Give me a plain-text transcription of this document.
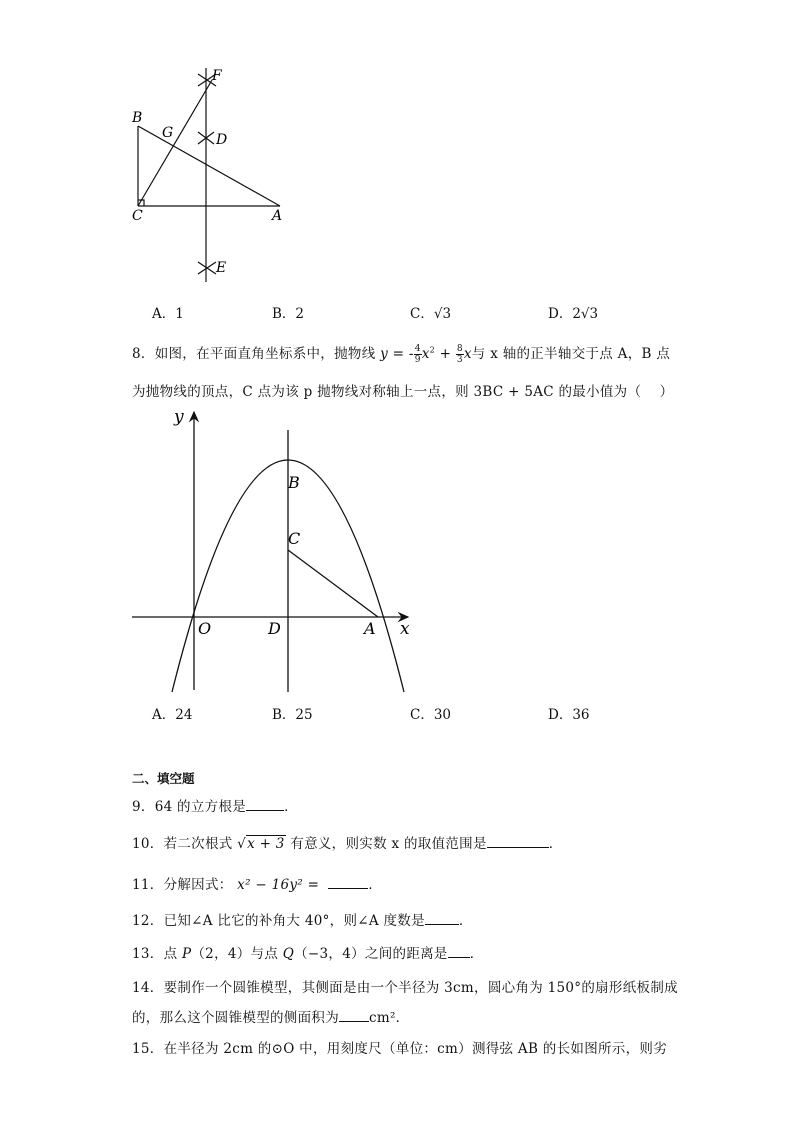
F
B
G	D
C	A
E
A．1	B．2	C．√3	D．2√3
8．如图，在平面直角坐标系中，抛物线 y = - $\frac{4}{9} x^2 + \frac{8}{3}$ x与 x 轴的正半轴交于点 A，B 点
为抛物线的顶点，C 点为该 p 抛物线对称轴上一点，则 3BC + 5AC 的最小值为（　 ）
y
B
C
O	D	A x
A．24	B．25	C．30	D．36
二、填空题
9．64 的立方根是	．
10．若二次根式 √x + 3 有意义，则实数 x 的取值范围是	．
11．分解因式： x² − 16y² =	．
12．已知∠A 比它的补角大 40°，则∠A 度数是	．
13．点 P（2，4）与点 Q（−3，4）之间的距离是 ．
14．要制作一个圆锥模型，其侧面是由一个半径为 3cm，圆心角为 150°的扇形纸板制成
的，那么这个圆锥模型的侧面积为 cm²．
15．在半径为 2cm 的⊙O 中，用刻度尺（单位：cm）测得弦 AB 的长如图所示，则劣
